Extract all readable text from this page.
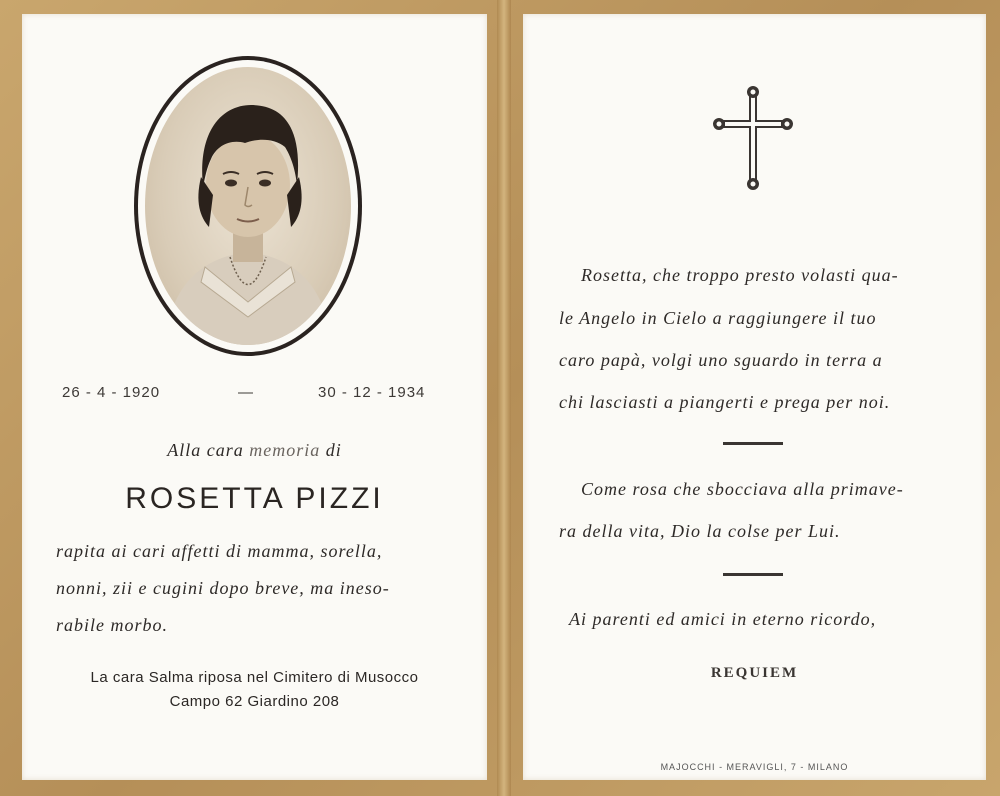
26 - 4 - 1920	—	30 - 12 - 1934
Alla cara memoria di
ROSETTA PIZZI
rapita ai cari affetti di mamma, sorella,
nonni, zii e cugini dopo breve, ma ineso-
rabile morbo.
La cara Salma riposa nel Cimitero di Musocco
Campo 62 Giardino 208
Rosetta, che troppo presto volasti qua-
le Angelo in Cielo a raggiungere il tuo
caro papà, volgi uno sguardo in terra a
chi lasciasti a piangerti e prega per noi.
Come rosa che sbocciava alla primave-
ra della vita, Dio la colse per Lui.
Ai parenti ed amici in eterno ricordo,
REQUIEM
MAJOCCHI - MERAVIGLI, 7 - MILANO
